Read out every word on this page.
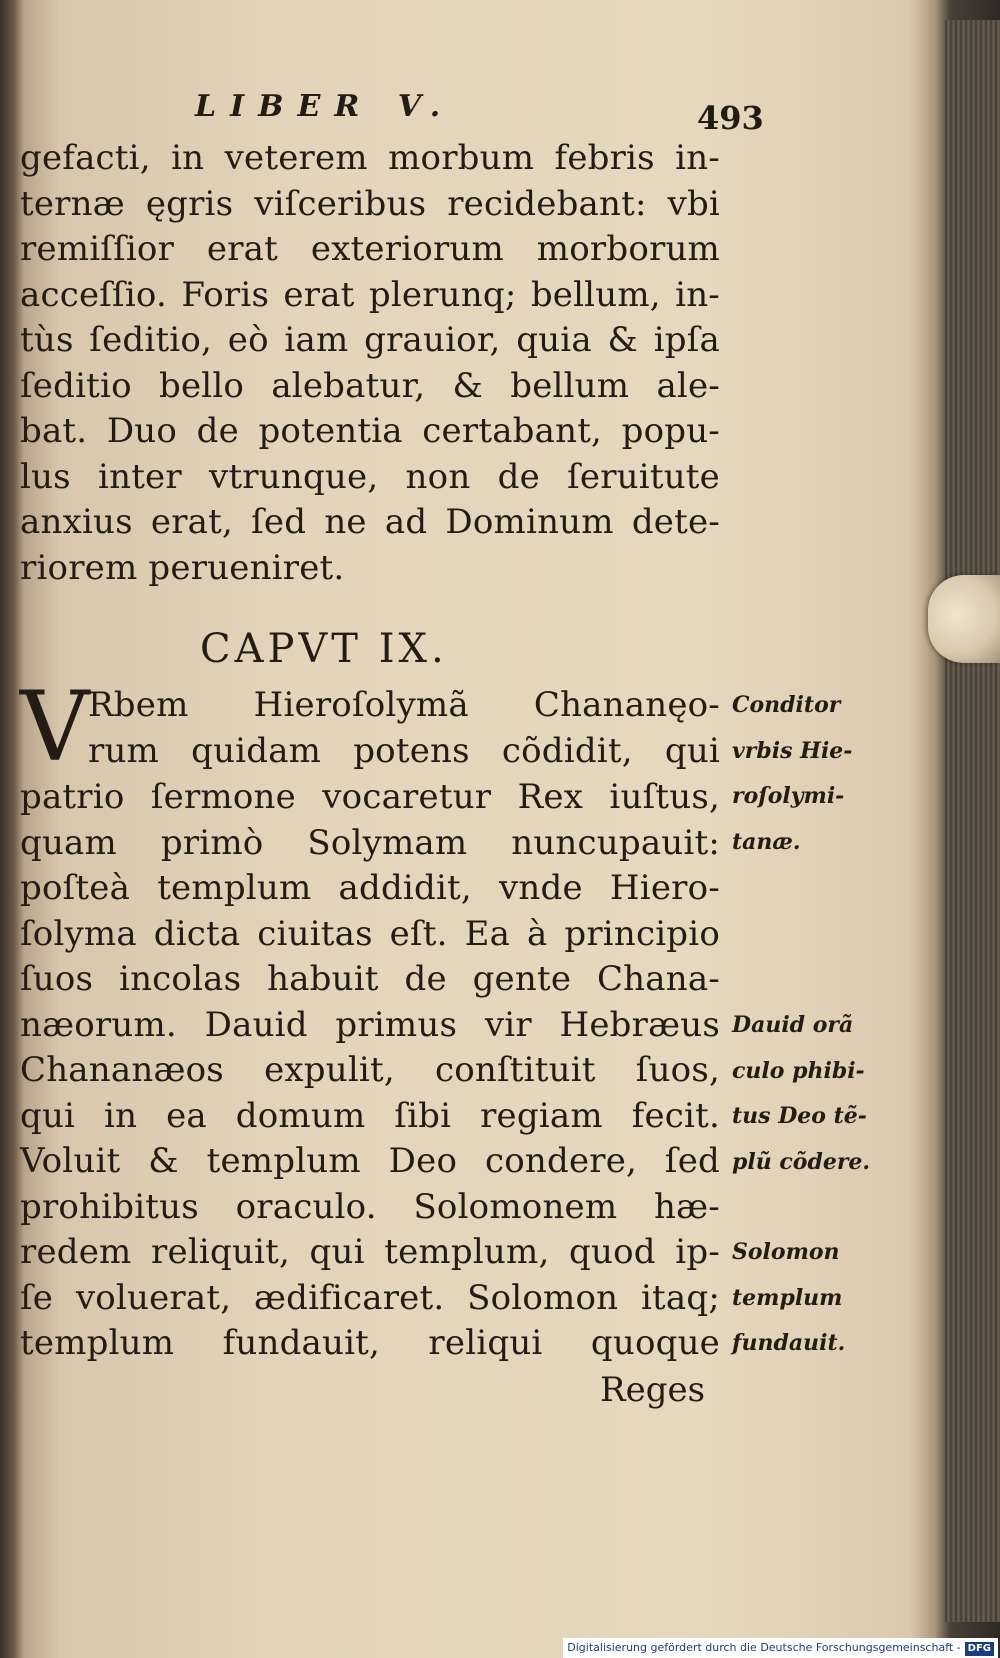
LIBER V.	493
gefacti, in veterem morbum febris in-
ternæ ęgris viſceribus recidebant: vbi
remiſſior erat exteriorum morborum
acceſſio. Foris erat plerunq; bellum, in-
tùs ſeditio, eò iam grauior, quia & ipſa
ſeditio bello alebatur, & bellum ale-
bat. Duo de potentia certabant, popu-
lus inter vtrunque, non de ſeruitute
anxius erat, ſed ne ad Dominum dete-
riorem perueniret.
CAPVT IX.
V
Rbem Hieroſolymã Chananęo-
rum quidam potens cõdidit, qui
patrio ſermone vocaretur Rex iuſtus,
quam primò Solymam nuncupauit:
poſteà templum addidit, vnde Hiero-
ſolyma dicta ciuitas eſt. Ea à principio
ſuos incolas habuit de gente Chana-
næorum. Dauid primus vir Hebræus
Chananæos expulit, conſtituit ſuos,
qui in ea domum ſibi regiam fecit.
Voluit & templum Deo condere, ſed
prohibitus oraculo. Solomonem hæ-
redem reliquit, qui templum, quod ip-
ſe voluerat, ædificaret. Solomon itaq;
templum fundauit, reliqui quoque
Conditor
vrbis Hie-
roſolymi-
tanæ.
Dauid orã
culo phibi-
tus Deo tẽ-
plũ cõdere.
Solomon
templum
fundauit.
Reges
Digitalisierung gefördert durch die Deutsche Forschungsgemeinschaft - DFG
